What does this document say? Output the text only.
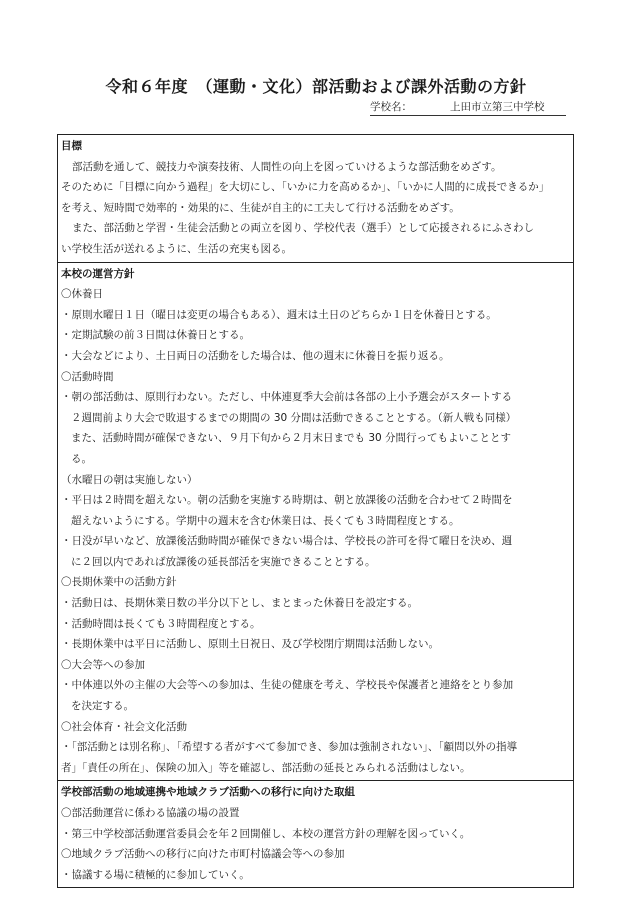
令和６年度　（運動・文化）部活動および課外活動の方針
学校名：	上田市立第三中学校
目標
部活動を通して、競技力や演奏技術、人間性の向上を図っていけるような部活動をめざす。
そのために「目標に向かう過程」を大切にし、「いかに力を高めるか」、「いかに人間的に成長できるか」
を考え、短時間で効率的・効果的に、生徒が自主的に工夫して行ける活動をめざす。
また、部活動と学習・生徒会活動との両立を図り、学校代表（選手）として応援されるにふさわし
い学校生活が送れるように、生活の充実も図る。

本校の運営方針
〇休養日
・原則水曜日１日（曜日は変更の場合もある）、週末は土日のどちらか１日を休養日とする。
・定期試験の前３日間は休養日とする。
・大会などにより、土日両日の活動をした場合は、他の週末に休養日を振り返る。
〇活動時間
・朝の部活動は、原則行わない。ただし、中体連夏季大会前は各部の上小予選会がスタートする
２週間前より大会で敗退するまでの期間の 30 分間は活動できることとする。（新人戦も同様）
また、活動時間が確保できない、９月下旬から２月末日までも 30 分間行ってもよいこととす
る。
（水曜日の朝は実施しない）
・平日は２時間を超えない。朝の活動を実施する時期は、朝と放課後の活動を合わせて２時間を
超えないようにする。学期中の週末を含む休業日は、長くても３時間程度とする。
・日没が早いなど、放課後活動時間が確保できない場合は、学校長の許可を得て曜日を決め、週
に２回以内であれば放課後の延長部活を実施できることとする。
〇長期休業中の活動方針
・活動日は、長期休業日数の半分以下とし、まとまった休養日を設定する。
・活動時間は長くても３時間程度とする。
・長期休業中は平日に活動し、原則土日祝日、及び学校閉庁期間は活動しない。
〇大会等への参加
・中体連以外の主催の大会等への参加は、生徒の健康を考え、学校長や保護者と連絡をとり参加
を決定する。
〇社会体育・社会文化活動
・「部活動とは別名称」、「希望する者がすべて参加でき、参加は強制されない」、「顧問以外の指導
者」「責任の所在」、保険の加入」等を確認し、部活動の延長とみられる活動はしない。

学校部活動の地域連携や地域クラブ活動への移行に向けた取組
〇部活動運営に係わる協議の場の設置
・第三中学校部活動運営委員会を年２回開催し、本校の運営方針の理解を図っていく。
〇地域クラブ活動への移行に向けた市町村協議会等への参加
・協議する場に積極的に参加していく。
